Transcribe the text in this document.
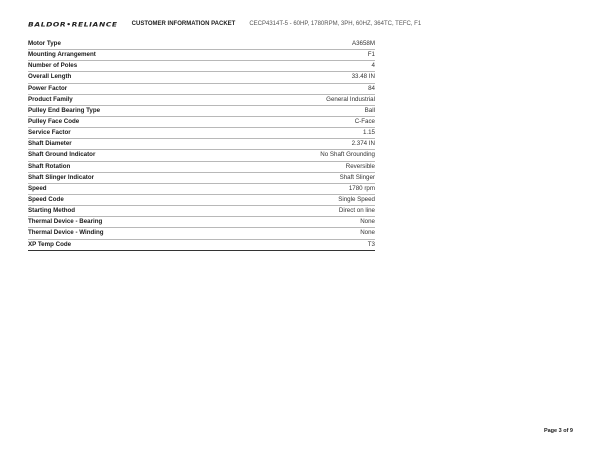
BALDOR•RELIANCE CUSTOMER INFORMATION PACKET CECP4314T-5 - 60HP, 1780RPM, 3PH, 60HZ, 364TC, TEFC, F1
Motor Type	A3658M
Mounting Arrangement	F1
Number of Poles	4
Overall Length	33.48 IN
Power Factor	84
Product Family	General Industrial
Pulley End Bearing Type	Ball
Pulley Face Code	C-Face
Service Factor	1.15
Shaft Diameter	2.374 IN
Shaft Ground Indicator	No Shaft Grounding
Shaft Rotation	Reversible
Shaft Slinger Indicator	Shaft Slinger
Speed	1780 rpm
Speed Code	Single Speed
Starting Method	Direct on line
Thermal Device - Bearing	None
Thermal Device - Winding	None
XP Temp Code	T3
Page 3 of 9
